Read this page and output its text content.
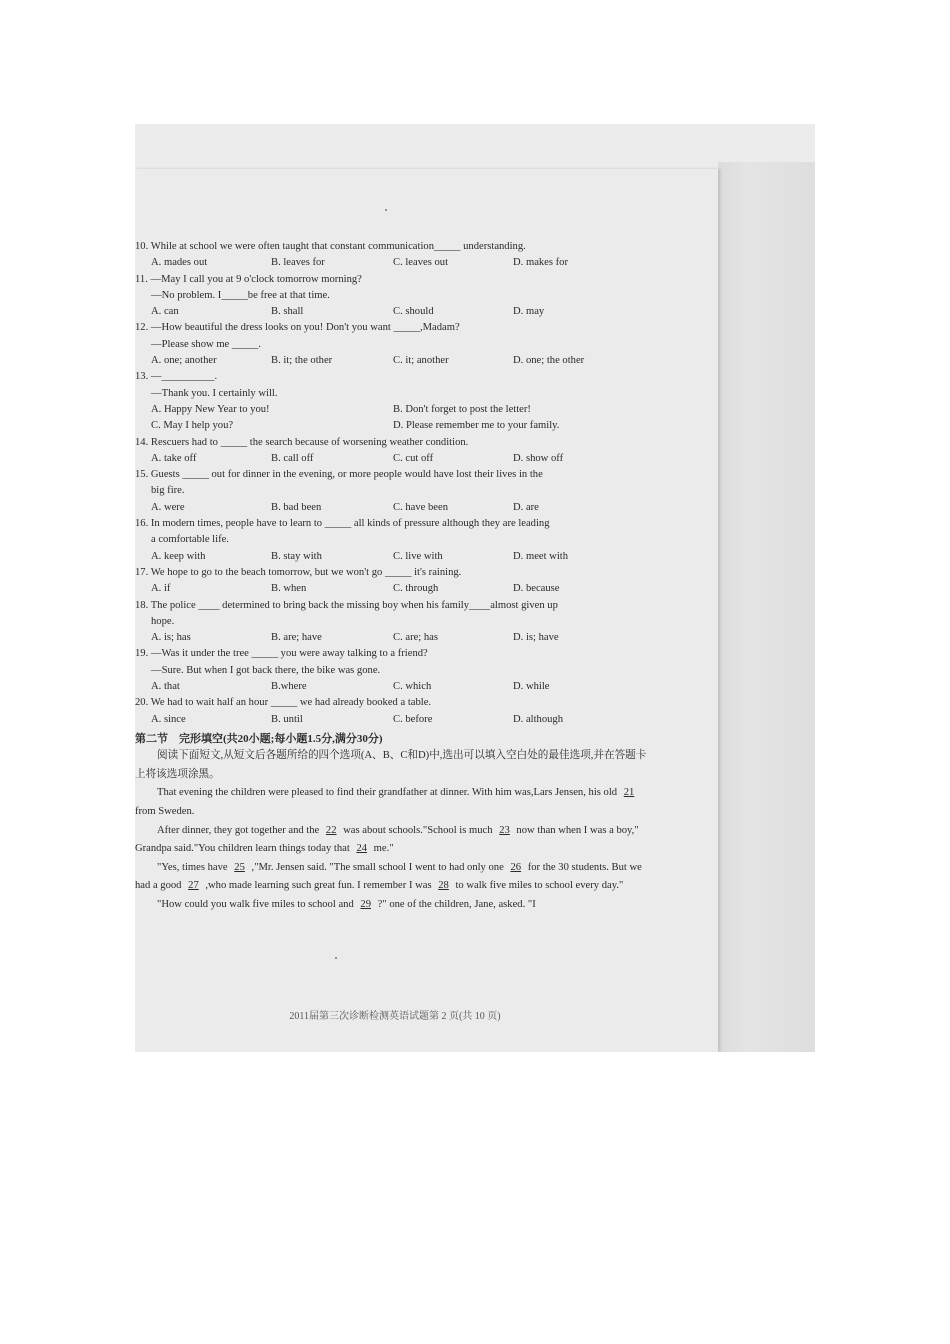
10. While at school we were often taught that constant communication_____ understanding.
A. mades out	B. leaves for	C. leaves out	D. makes for
11. —May I call you at 9 o'clock tomorrow morning?
—No problem. I_____be free at that time.
A. can	B. shall	C. should	D. may
12. —How beautiful the dress looks on you! Don't you want _____,Madam?
—Please show me _____.
A. one; another	B. it; the other	C. it; another	D. one; the other
13. —__________.
—Thank you. I certainly will.
A. Happy New Year to you!	B. Don't forget to post the letter!
C. May I help you?	D. Please remember me to your family.
14. Rescuers had to _____ the search because of worsening weather condition.
A. take off	B. call off	C. cut off	D. show off
15. Guests _____ out for dinner in the evening, or more people would have lost their lives in the
big fire.
A. were	B. bad been	C. have been	D. are
16. In modern times, people have to learn to _____ all kinds of pressure although they are leading
a comfortable life.
A. keep with	B. stay with	C. live with	D. meet with
17. We hope to go to the beach tomorrow, but we won't go _____ it's raining.
A. if	B. when	C. through	D. because
18. The police ____ determined to bring back the missing boy when his family____almost given up
hope.
A. is; has	B. are; have	C. are; has	D. is; have
19. —Was it under the tree _____ you were away talking to a friend?
—Sure. But when I got back there, the bike was gone.
A. that	B.where	C. which	D. while
20. We had to wait half an hour _____ we had already booked a table.
A. since	B. until	C. before	D. although
第二节　完形填空(共20小题;每小题1.5分,满分30分)

阅读下面短文,从短文后各题所给的四个选项(A、B、C和D)中,选出可以填入空白处的最佳选项,并在答题卡上将该选项涂黑。

That evening the children were pleased to find their grandfather at dinner. With him was,Lars Jensen, his old 21 from Sweden.

After dinner, they got together and the 22 was about schools."School is much 23 now than when I was a boy," Grandpa said."You children learn things today that 24 me."

"Yes, times have 25 ,"Mr. Jensen said. "The small school I went to had only one 26 for the 30 students. But we had a good 27 ,who made learning such great fun. I remember I was 28 to walk five miles to school every day."

"How could you walk five miles to school and 29 ?" one of the children, Jane, asked. "I

2011届第三次诊断检测英语试题第 2 页(共 10 页)
